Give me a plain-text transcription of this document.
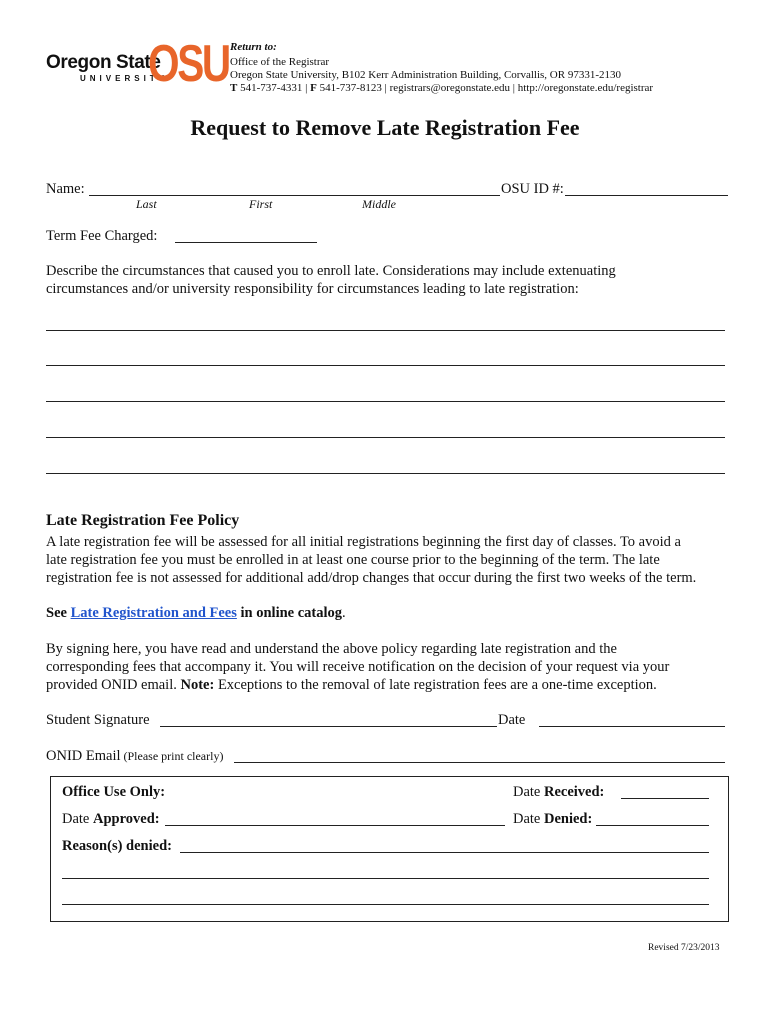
Oregon State
UNIVERSITY
OSU Return to:
Office of the Registrar
Oregon State University, B102 Kerr Administration Building, Corvallis, OR 97331-2130
T 541-737-4331 | F 541-737-8123 | registrars@oregonstate.edu | http://oregonstate.edu/registrar
Request to Remove Late Registration Fee
Name:	OSU ID #:
Last	First	Middle
Term Fee Charged:
Describe the circumstances that caused you to enroll late. Considerations may include extenuating
circumstances and/or university responsibility for circumstances leading to late registration:
Late Registration Fee Policy
A late registration fee will be assessed for all initial registrations beginning the first day of classes. To avoid a
late registration fee you must be enrolled in at least one course prior to the beginning of the term. The late
registration fee is not assessed for additional add/drop changes that occur during the first two weeks of the term.
See Late Registration and Fees in online catalog.
By signing here, you have read and understand the above policy regarding late registration and the
corresponding fees that accompany it. You will receive notification on the decision of your request via your
provided ONID email. Note: Exceptions to the removal of late registration fees are a one-time exception.
Student Signature	Date
ONID Email (Please print clearly)
Office Use Only:	Date Received:
Date Approved:	Date Denied:
Reason(s) denied:
Revised 7/23/2013
